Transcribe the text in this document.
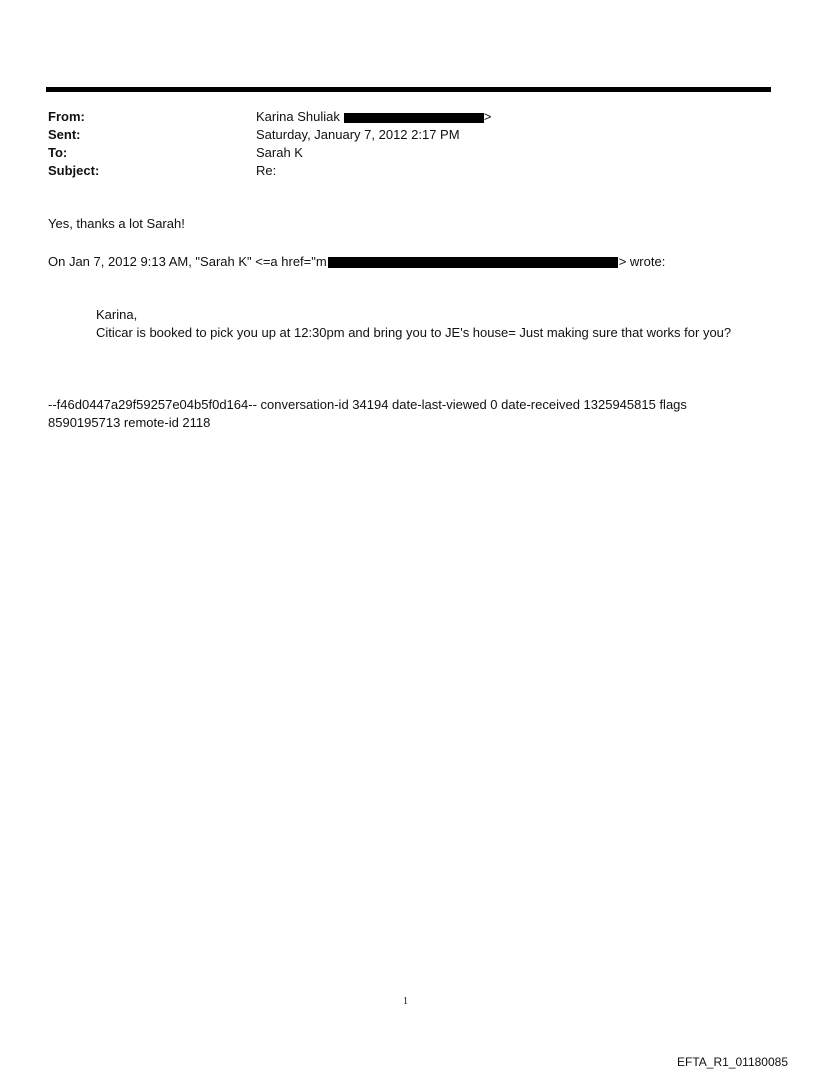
From:	Karina Shuliak	>
Sent:	Saturday, January 7, 2012 2:17 PM
To:	Sarah K
Subject:	Re:
Yes, thanks a lot Sarah!
On Jan 7, 2012 9:13 AM, "Sarah K" <=a href="m	> wrote:
Karina,
Citicar is booked to pick you up at 12:30pm and bring you to JE's house= Just making sure that works for you?
--f46d0447a29f59257e04b5f0d164-- conversation-id 34194 date-last-viewed 0 date-received 1325945815 flags 8590195713 remote-id 2118
1
EFTA_R1_01180085
